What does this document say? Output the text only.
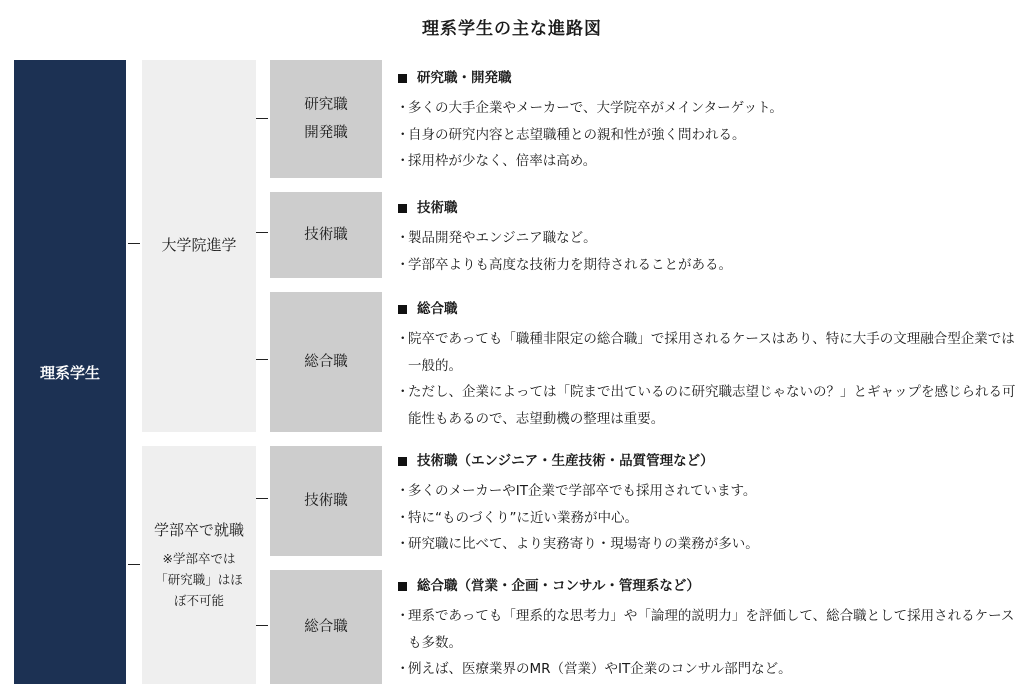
理系学生の主な進路図
理系学生
大学院進学
研究職
開発職
技術職
総合職
学部卒で就職
※学部卒では
「研究職」はほ
ぼ不可能
技術職
総合職
研究職・開発職
・
多くの大手企業やメーカーで、大学院卒がメインターゲット。
・
自身の研究内容と志望職種との親和性が強く問われる。
・
採用枠が少なく、倍率は高め。
技術職
・
製品開発やエンジニア職など。
・
学部卒よりも高度な技術力を期待されることがある。
総合職
・
院卒であっても「職種非限定の総合職」で採用されるケースはあり、特に大手の文理融合型企業では一般的。
・
ただし、企業によっては「院まで出ているのに研究職志望じゃないの？」とギャップを感じられる可能性もあるので、志望動機の整理は重要。
技術職（エンジニア・生産技術・品質管理など）
・
多くのメーカーやIT企業で学部卒でも採用されています。
・
特に“ものづくり”に近い業務が中心。
・
研究職に比べて、より実務寄り・現場寄りの業務が多い。
総合職（営業・企画・コンサル・管理系など）
・
理系であっても「理系的な思考力」や「論理的説明力」を評価して、総合職として採用されるケースも多数。
・
例えば、医療業界のMR（営業）やIT企業のコンサル部門など。
